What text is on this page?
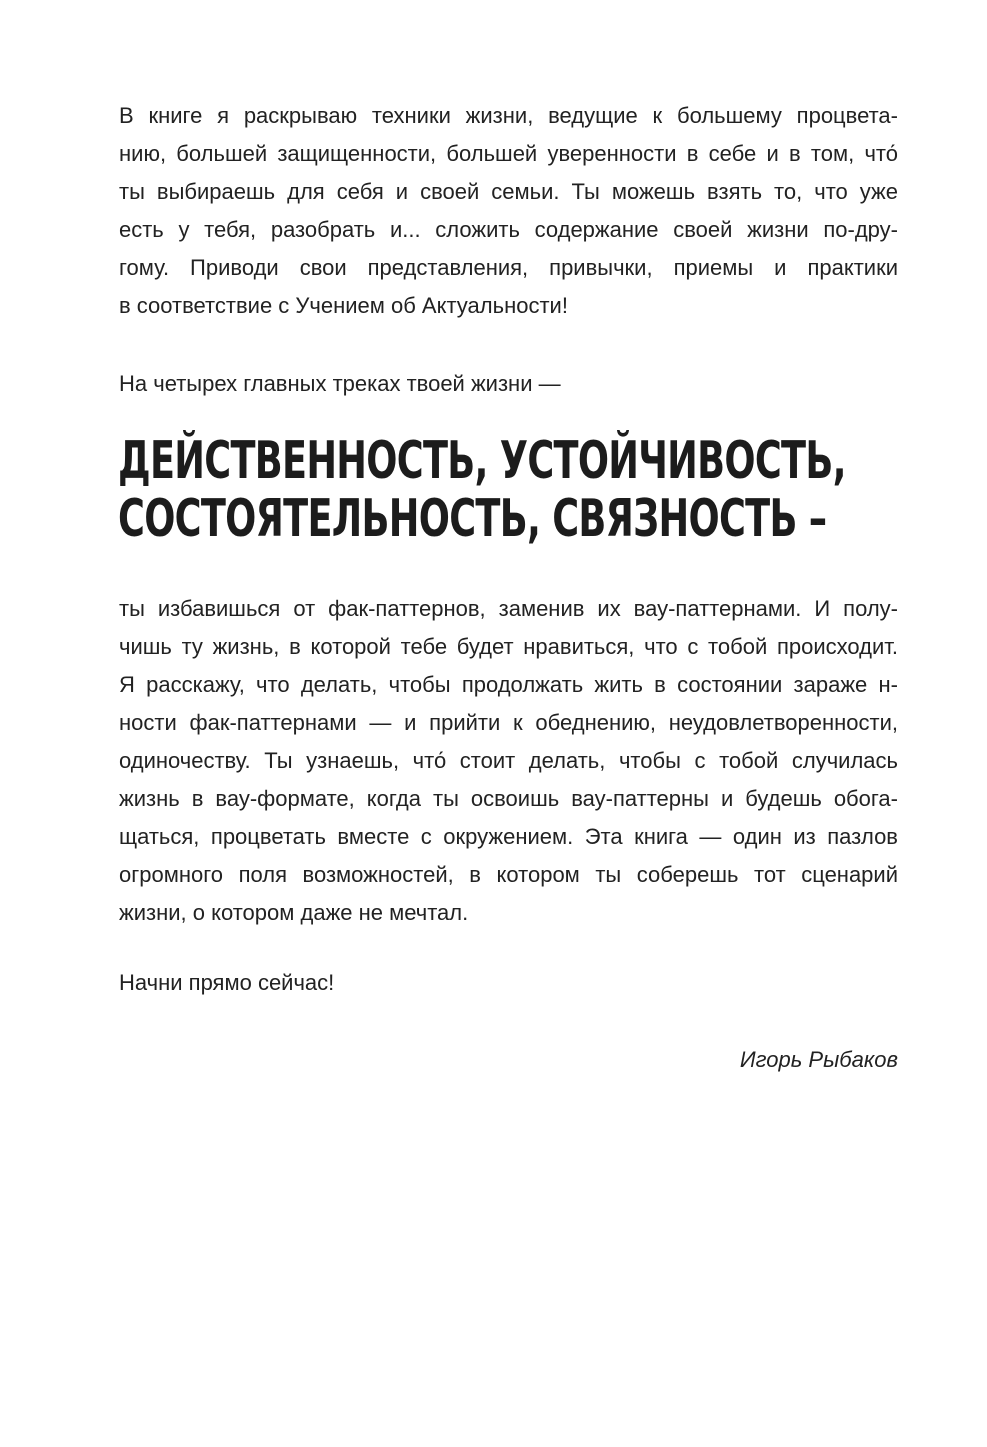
В книге я раскрываю техники жизни, ведущие к большему процвета-
нию, большей защищенности, большей уверенности в себе и в том, что́
ты выбираешь для себя и своей семьи. Ты можешь взять то, что уже
есть у тебя, разобрать и... сложить содержание своей жизни по-дру-
гому. Приводи свои представления, привычки, приемы и практики
в соответствие с Учением об Актуальности!

На четырех главных треках твоей жизни —

ДЕЙСТВЕННОСТЬ, УСТОЙЧИВОСТЬ,
СОСТОЯТЕЛЬНОСТЬ, СВЯЗНОСТЬ –

ты избавишься от фак-паттернов, заменив их вау-паттернами. И полу-
чишь ту жизнь, в которой тебе будет нравиться, что с тобой происходит.
Я расскажу, что делать, чтобы продолжать жить в состоянии зараже н-
ности фак-паттернами — и прийти к обеднению, неудовлетворенности,
одиночеству. Ты узнаешь, что́ стоит делать, чтобы с тобой случилась
жизнь в вау-формате, когда ты освоишь вау-паттерны и будешь обога-
щаться, процветать вместе с окружением. Эта книга — один из пазлов
огромного поля возможностей, в котором ты соберешь тот сценарий
жизни, о котором даже не мечтал.

Начни прямо сейчас!

Игорь Рыбаков
